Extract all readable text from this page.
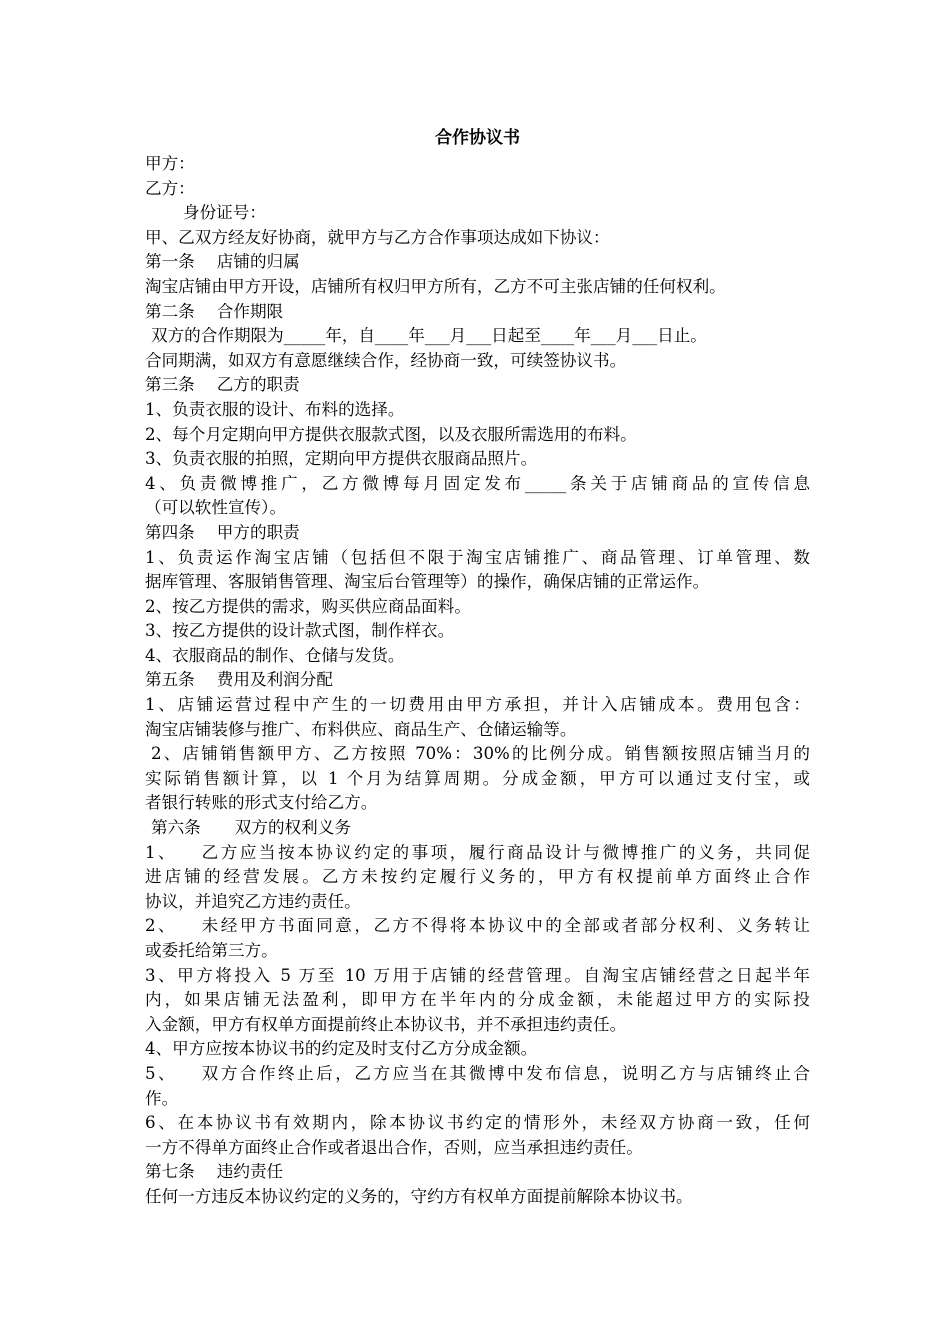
合作协议书
甲方：
乙方：
身份证号：
甲、乙双方经友好协商，就甲方与乙方合作事项达成如下协议：
第一条 店铺的归属
淘宝店铺由甲方开设，店铺所有权归甲方所有，乙方不可主张店铺的任何权利。
第二条 合作期限
双方的合作期限为_____年，自____年___月___日起至____年___月___日止。
合同期满，如双方有意愿继续合作，经协商一致，可续签协议书。
第三条 乙方的职责
1、负责衣服的设计、布料的选择。
2、每个月定期向甲方提供衣服款式图，以及衣服所需选用的布料。
3、负责衣服的拍照，定期向甲方提供衣服商品照片。
4、负责微博推广，乙方微博每月固定发布_____条关于店铺商品的宣传信息
（可以软性宣传）。
第四条 甲方的职责
1、负责运作淘宝店铺（包括但不限于淘宝店铺推广、商品管理、订单管理、数
据库管理、客服销售管理、淘宝后台管理等）的操作，确保店铺的正常运作。
2、按乙方提供的需求，购买供应商品面料。
3、按乙方提供的设计款式图，制作样衣。
4、衣服商品的制作、仓储与发货。
第五条 费用及利润分配
1、店铺运营过程中产生的一切费用由甲方承担，并计入店铺成本。费用包含：
淘宝店铺装修与推广、布料供应、商品生产、仓储运输等。
2、店铺销售额甲方、乙方按照 70%：30%的比例分成。销售额按照店铺当月的
实际销售额计算，以 1 个月为结算周期。分成金额，甲方可以通过支付宝，或
者银行转账的形式支付给乙方。
第六条 双方的权利义务
1、 乙方应当按本协议约定的事项，履行商品设计与微博推广的义务，共同促
进店铺的经营发展。乙方未按约定履行义务的，甲方有权提前单方面终止合作
协议，并追究乙方违约责任。
2、 未经甲方书面同意，乙方不得将本协议中的全部或者部分权利、义务转让
或委托给第三方。
3、甲方将投入 5 万至 10 万用于店铺的经营管理。自淘宝店铺经营之日起半年
内，如果店铺无法盈利，即甲方在半年内的分成金额，未能超过甲方的实际投
入金额，甲方有权单方面提前终止本协议书，并不承担违约责任。
4、甲方应按本协议书的约定及时支付乙方分成金额。
5、 双方合作终止后，乙方应当在其微博中发布信息，说明乙方与店铺终止合
作。
6、在本协议书有效期内，除本协议书约定的情形外，未经双方协商一致，任何
一方不得单方面终止合作或者退出合作，否则，应当承担违约责任。
第七条 违约责任
任何一方违反本协议约定的义务的，守约方有权单方面提前解除本协议书。
